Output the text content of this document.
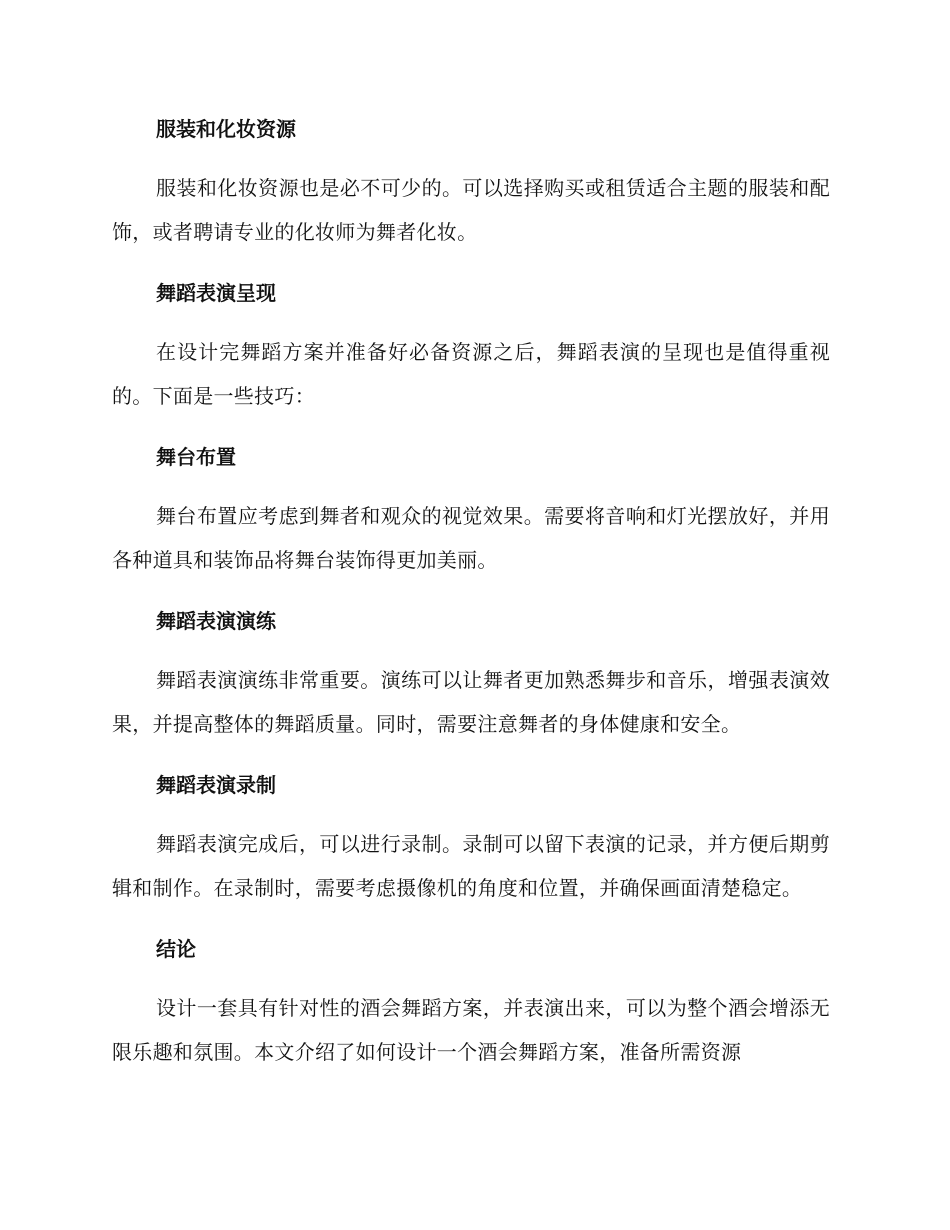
服装和化妆资源

服装和化妆资源也是必不可少的。可以选择购买或租赁适合主题的服装和配饰，或者聘请专业的化妆师为舞者化妆。

舞蹈表演呈现

在设计完舞蹈方案并准备好必备资源之后，舞蹈表演的呈现也是值得重视的。下面是一些技巧：

舞台布置

舞台布置应考虑到舞者和观众的视觉效果。需要将音响和灯光摆放好，并用各种道具和装饰品将舞台装饰得更加美丽。

舞蹈表演演练

舞蹈表演演练非常重要。演练可以让舞者更加熟悉舞步和音乐，增强表演效果，并提高整体的舞蹈质量。同时，需要注意舞者的身体健康和安全。

舞蹈表演录制

舞蹈表演完成后，可以进行录制。录制可以留下表演的记录，并方便后期剪辑和制作。在录制时，需要考虑摄像机的角度和位置，并确保画面清楚稳定。

结论

设计一套具有针对性的酒会舞蹈方案，并表演出来，可以为整个酒会增添无限乐趣和氛围。本文介绍了如何设计一个酒会舞蹈方案，准备所需资源
